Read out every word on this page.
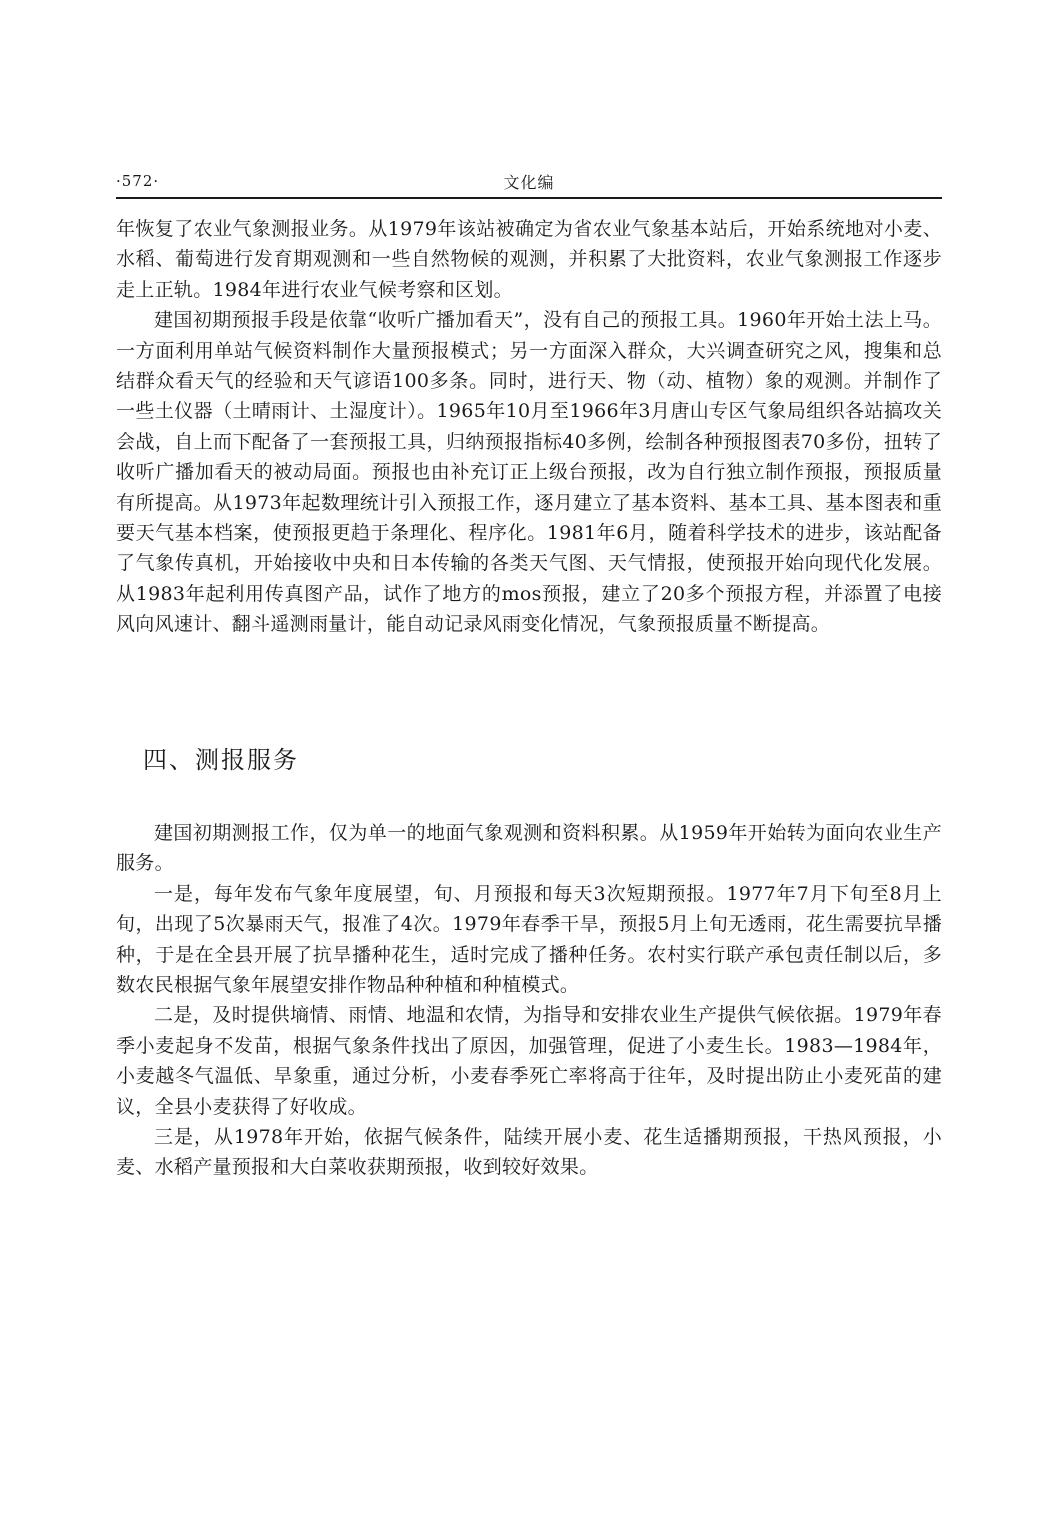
·572·	文化编

年恢复了农业气象测报业务。从1979年该站被确定为省农业气象基本站后，开始系统地对小麦、水稻、葡萄进行发育期观测和一些自然物候的观测，并积累了大批资料，农业气象测报工作逐步走上正轨。1984年进行农业气候考察和区划。

建国初期预报手段是依靠“收听广播加看天”，没有自己的预报工具。1960年开始土法上马。一方面利用单站气候资料制作大量预报模式；另一方面深入群众，大兴调查研究之风，搜集和总结群众看天气的经验和天气谚语100多条。同时，进行天、物（动、植物）象的观测。并制作了一些土仪器（土晴雨计、土湿度计）。1965年10月至1966年3月唐山专区气象局组织各站搞攻关会战，自上而下配备了一套预报工具，归纳预报指标40多例，绘制各种预报图表70多份，扭转了收听广播加看天的被动局面。预报也由补充订正上级台预报，改为自行独立制作预报，预报质量有所提高。从1973年起数理统计引入预报工作，逐月建立了基本资料、基本工具、基本图表和重要天气基本档案，使预报更趋于条理化、程序化。1981年6月，随着科学技术的进步，该站配备了气象传真机，开始接收中央和日本传输的各类天气图、天气情报，使预报开始向现代化发展。从1983年起利用传真图产品，试作了地方的mos预报，建立了20多个预报方程，并添置了电接风向风速计、翻斗遥测雨量计，能自动记录风雨变化情况，气象预报质量不断提高。

四、测报服务

建国初期测报工作，仅为单一的地面气象观测和资料积累。从1959年开始转为面向农业生产服务。

一是，每年发布气象年度展望，旬、月预报和每天3次短期预报。1977年7月下旬至8月上旬，出现了5次暴雨天气，报准了4次。1979年春季干旱，预报5月上旬无透雨，花生需要抗旱播种，于是在全县开展了抗旱播种花生，适时完成了播种任务。农村实行联产承包责任制以后，多数农民根据气象年展望安排作物品种种植和种植模式。

二是，及时提供墒情、雨情、地温和农情，为指导和安排农业生产提供气候依据。1979年春季小麦起身不发苗，根据气象条件找出了原因，加强管理，促进了小麦生长。1983—1984年，小麦越冬气温低、旱象重，通过分析，小麦春季死亡率将高于往年，及时提出防止小麦死苗的建议，全县小麦获得了好收成。

三是，从1978年开始，依据气候条件，陆续开展小麦、花生适播期预报，干热风预报，小麦、水稻产量预报和大白菜收获期预报，收到较好效果。
